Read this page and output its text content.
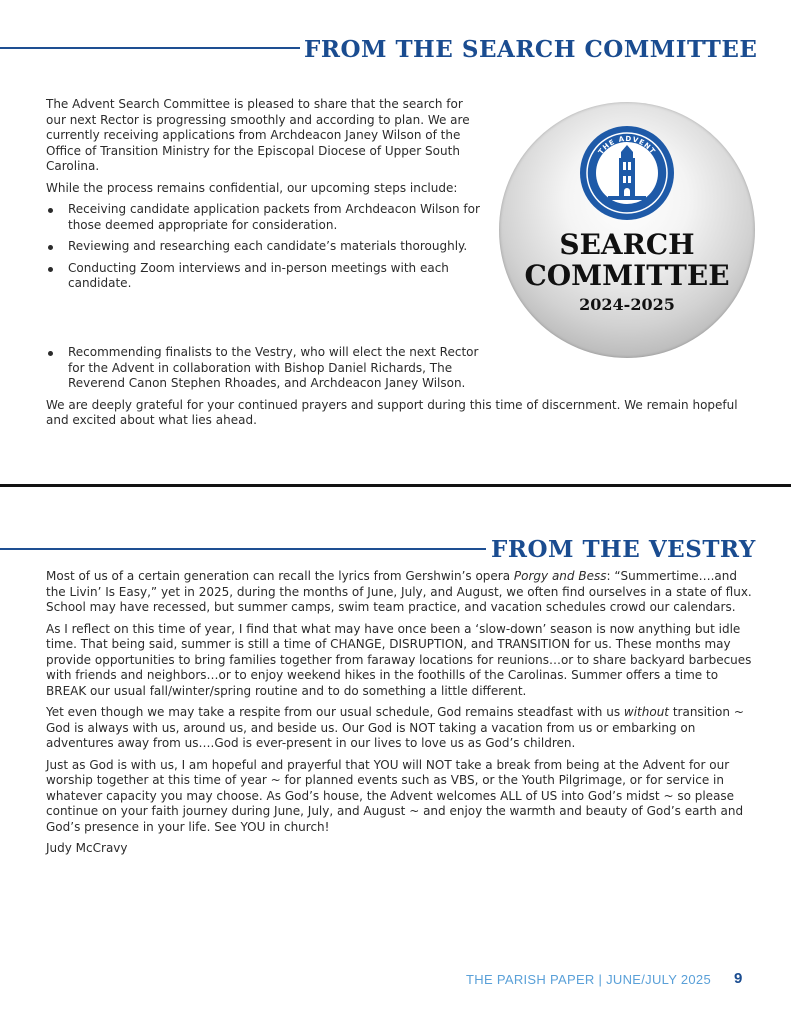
FROM THE SEARCH COMMITTEE

The Advent Search Committee is pleased to share that the search for our next Rector is progressing smoothly and according to plan. We are currently receiving applications from Archdeacon Janey Wilson of the Office of Transition Ministry for the Episcopal Diocese of Upper South Carolina.

While the process remains confidential, our upcoming steps include:

Receiving candidate application packets from Archdeacon Wilson for those deemed appropriate for consideration.
Reviewing and researching each candidate’s materials thoroughly.
Conducting Zoom interviews and in-person meetings with each candidate.
Recommending finalists to the Vestry, who will elect the next Rector for the Advent in collaboration with Bishop Daniel Richards, The Reverend Canon Stephen Rhoades, and Archdeacon Janey Wilson.

We are deeply grateful for your continued prayers and support during this time of discernment. We remain hopeful and excited about what lies ahead.

THE ADVENT
SEARCH
COMMITTEE
2024-2025
FROM THE VESTRY

Most of us of a certain generation can recall the lyrics from Gershwin’s opera Porgy and Bess: “Summertime….and the Livin’ Is Easy,” yet in 2025, during the months of June, July, and August, we often find ourselves in a state of flux. School may have recessed, but summer camps, swim team practice, and vacation schedules crowd our calendars.

As I reflect on this time of year, I find that what may have once been a ‘slow-down’ season is now anything but idle time. That being said, summer is still a time of CHANGE, DISRUPTION, and TRANSITION for us. These months may provide opportunities to bring families together from faraway locations for reunions…or to share backyard barbecues with friends and neighbors…or to enjoy weekend hikes in the foothills of the Carolinas. Summer offers a time to BREAK our usual fall/winter/spring routine and to do something a little different.

Yet even though we may take a respite from our usual schedule, God remains steadfast with us without transition ~ God is always with us, around us, and beside us. Our God is NOT taking a vacation from us or embarking on adventures away from us….God is ever-present in our lives to love us as God’s children.

Just as God is with us, I am hopeful and prayerful that YOU will NOT take a break from being at the Advent for our worship together at this time of year ~ for planned events such as VBS, or the Youth Pilgrimage, or for service in whatever capacity you may choose. As God’s house, the Advent welcomes ALL of US into God’s midst ~ so please continue on your faith journey during June, July, and August ~ and enjoy the warmth and beauty of God’s earth and God’s presence in your life. See YOU in church!

Judy McCravy

THE PARISH PAPER | JUNE/JULY 2025 9
